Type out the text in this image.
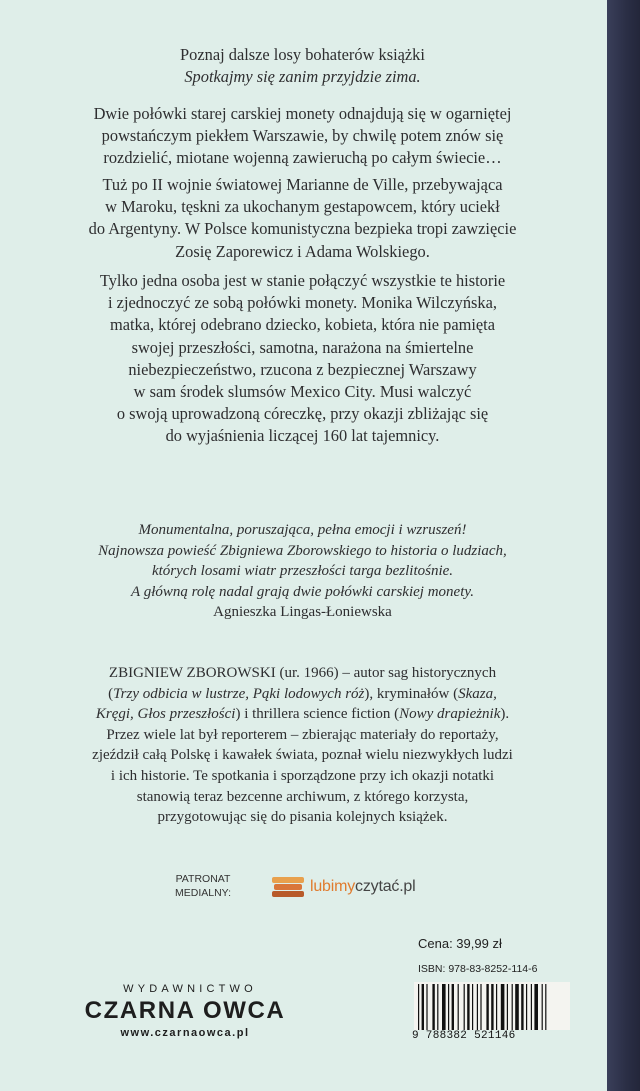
Poznaj dalsze losy bohaterów książki

Spotkajmy się zanim przyjdzie zima.

Dwie połówki starej carskiej monety odnajdują się w ogarniętej

powstańczym piekłem Warszawie, by chwilę potem znów się

rozdzielić, miotane wojenną zawieruchą po całym świecie…

Tuż po II wojnie światowej Marianne de Ville, przebywająca

w Maroku, tęskni za ukochanym gestapowcem, który uciekł

do Argentyny. W Polsce komunistyczna bezpieka tropi zawzięcie

Zosię Zaporewicz i Adama Wolskiego.

Tylko jedna osoba jest w stanie połączyć wszystkie te historie

i zjednoczyć ze sobą połówki monety. Monika Wilczyńska,

matka, której odebrano dziecko, kobieta, która nie pamięta

swojej przeszłości, samotna, narażona na śmiertelne

niebezpieczeństwo, rzucona z bezpiecznej Warszawy

w sam środek slumsów Mexico City. Musi walczyć

o swoją uprowadzoną córeczkę, przy okazji zbliżając się

do wyjaśnienia liczącej 160 lat tajemnicy.

Monumentalna, poruszająca, pełna emocji i wzruszeń!

Najnowsza powieść Zbigniewa Zborowskiego to historia o ludziach,

których losami wiatr przeszłości targa bezlitośnie.

A główną rolę nadal grają dwie połówki carskiej monety.

Agnieszka Lingas-Łoniewska

ZBIGNIEW ZBOROWSKI (ur. 1966) – autor sag historycznych

(Trzy odbicia w lustrze, Pąki lodowych róż), kryminałów (Skaza,

Kręgi, Głos przeszłości) i thrillera science fiction (Nowy drapieżnik).

Przez wiele lat był reporterem – zbierając materiały do reportaży,

zjeździł całą Polskę i kawałek świata, poznał wielu niezwykłych ludzi

i ich historie. Te spotkania i sporządzone przy ich okazji notatki

stanowią teraz bezcenne archiwum, z którego korzysta,

przygotowując się do pisania kolejnych książek.

PATRONAT
MEDIALNY:	lubimyczytać.pl
Cena: 39,99 zł
ISBN: 978-83-8252-114-6
9 788382 521146
WYDAWNICTWO
CZARNA OWCA
www.czarnaowca.pl
